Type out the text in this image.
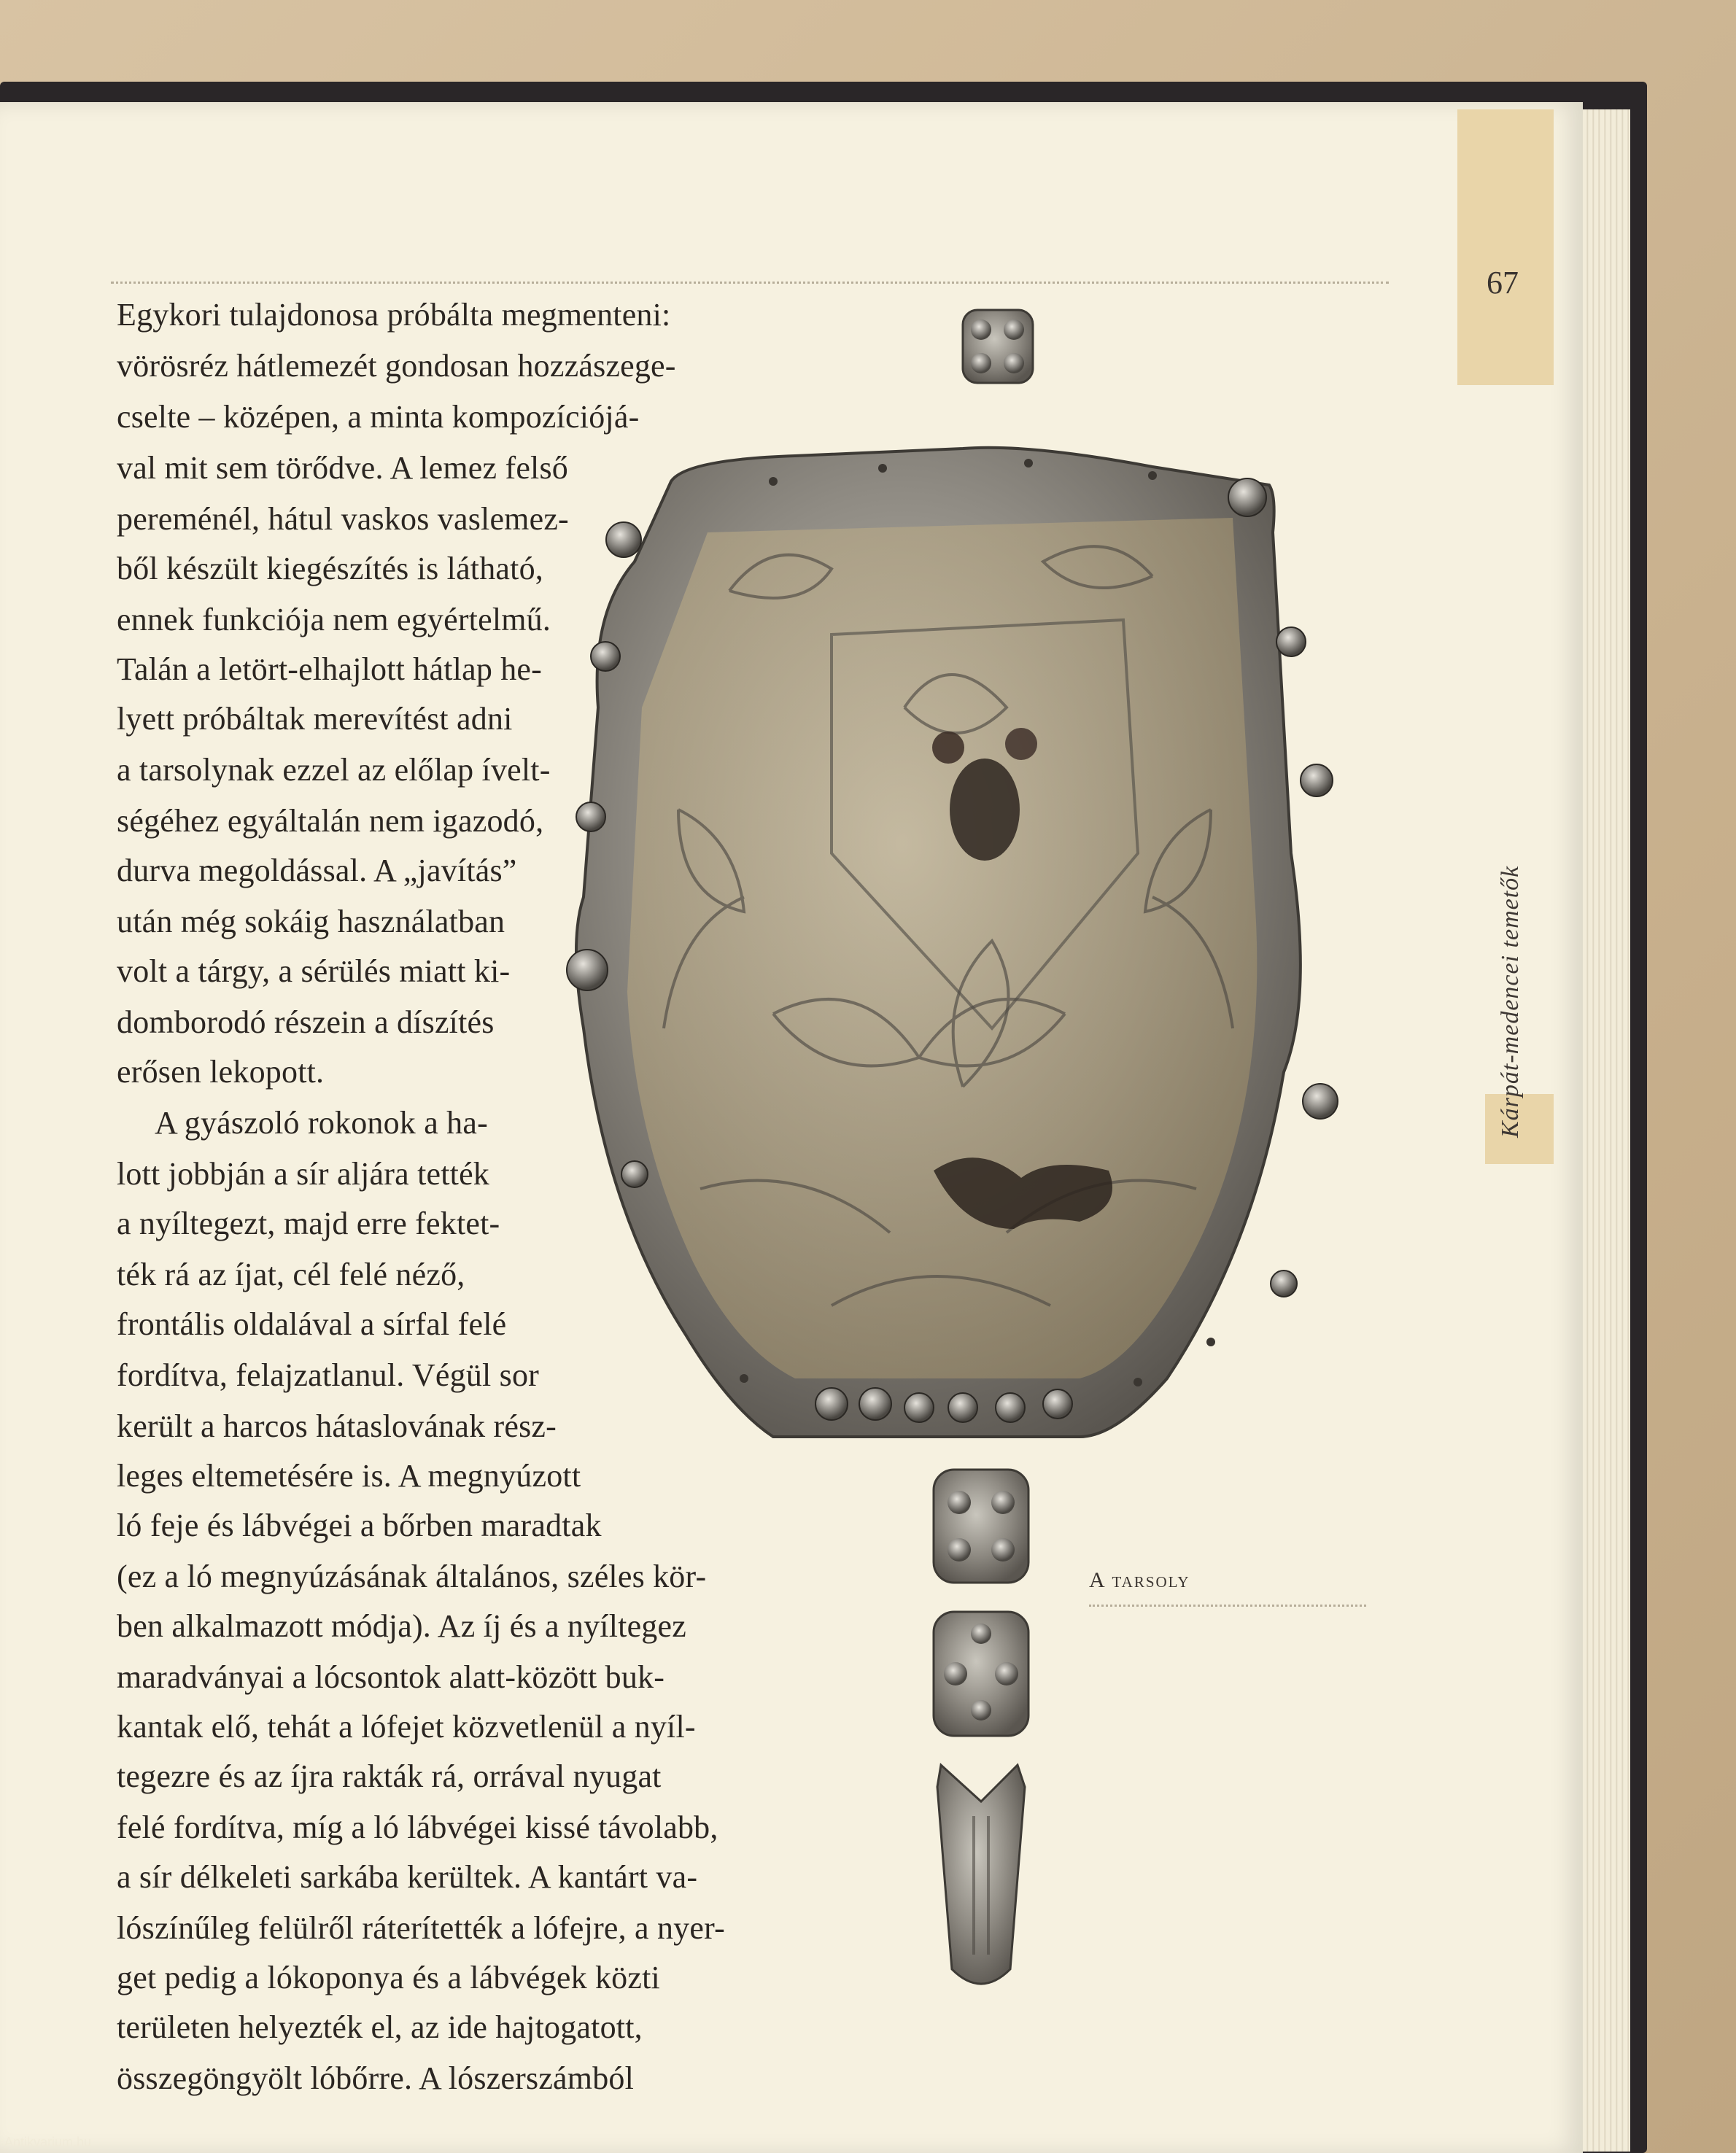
67
Kárpát-medencei temetők
Egykori tulajdonosa próbálta megmenteni:
vörösréz hátlemezét gondosan hozzászege-
cselte – középen, a minta kompozíciójá-
val mit sem törődve. A lemez felső
pereménél, hátul vaskos vaslemez-
ből készült kiegészítés is látható,
ennek funkciója nem egyértelmű.
Talán a letört-elhajlott hátlap he-
lyett próbáltak merevítést adni
a tarsolynak ezzel az előlap ívelt-
ségéhez egyáltalán nem igazodó,
durva megoldással. A „javítás”
után még sokáig használatban
volt a tárgy, a sérülés miatt ki-
domborodó részein a díszítés
erősen lekopott.
A gyászoló rokonok a ha-
lott jobbján a sír aljára tették
a nyíltegezt, majd erre fektet-
ték rá az íjat, cél felé néző,
frontális oldalával a sírfal felé
fordítva, felajzatlanul. Végül sor
került a harcos hátaslovának rész-
leges eltemetésére is. A megnyúzott
ló feje és lábvégei a bőrben maradtak
(ez a ló megnyúzásának általános, széles kör-
ben alkalmazott módja). Az íj és a nyíltegez
maradványai a lócsontok alatt-között buk-
kantak elő, tehát a lófejet közvetlenül a nyíl-
tegezre és az íjra rakták rá, orrával nyugat
felé fordítva, míg a ló lábvégei kissé távolabb,
a sír délkeleti sarkába kerültek. A kantárt va-
lószínűleg felülről ráterítették a lófejre, a nyer-
get pedig a lókoponya és a lábvégek közti
területen helyezték el, az ide hajtogatott,
összegöngyölt lóbőrre. A lószerszámból
A tarsoly
Antikvarium.hu
